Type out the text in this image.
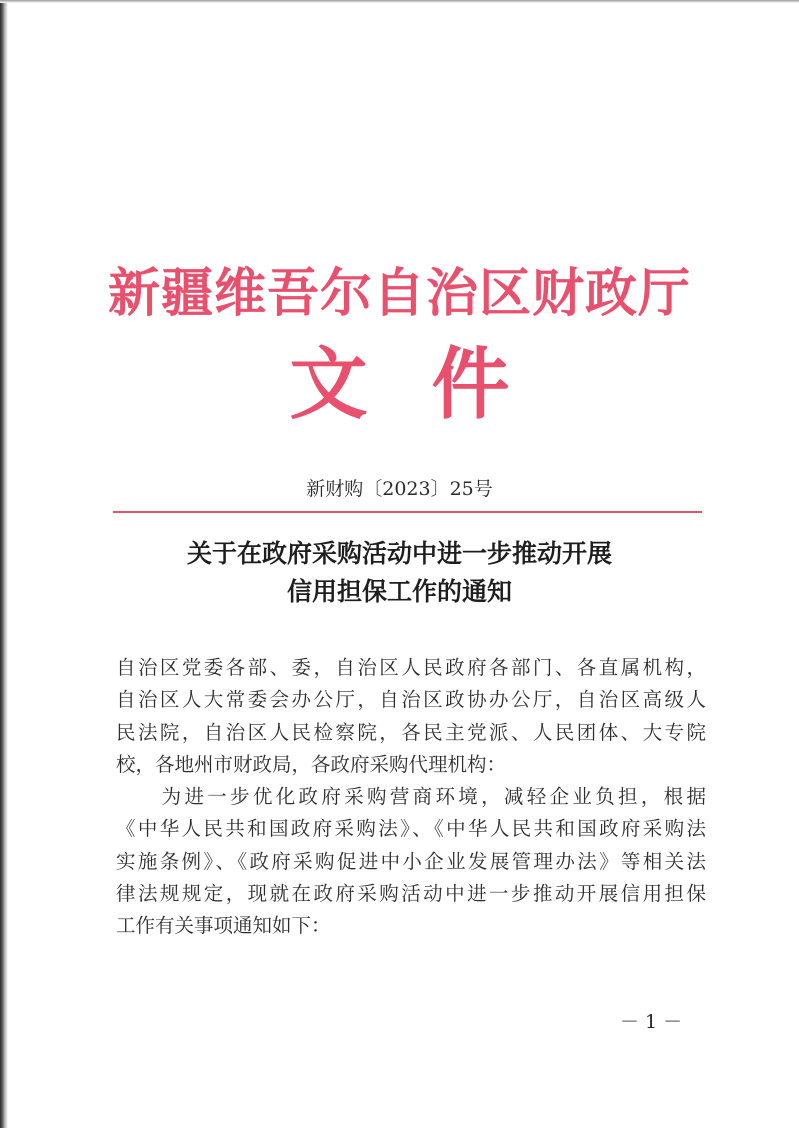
新疆维吾尔自治区财政厅
文件
新财购〔2023〕25号
关于在政府采购活动中进一步推动开展
信用担保工作的通知
自治区党委各部、委，自治区人民政府各部门、各直属机构，
自治区人大常委会办公厅，自治区政协办公厅，自治区高级人
民法院，自治区人民检察院，各民主党派、人民团体、大专院
校，各地州市财政局，各政府采购代理机构：
　　为进一步优化政府采购营商环境，减轻企业负担，根据
《中华人民共和国政府采购法》、《中华人民共和国政府采购法
实施条例》、《政府采购促进中小企业发展管理办法》等相关法
律法规规定，现就在政府采购活动中进一步推动开展信用担保
工作有关事项通知如下：
－ 1 －
